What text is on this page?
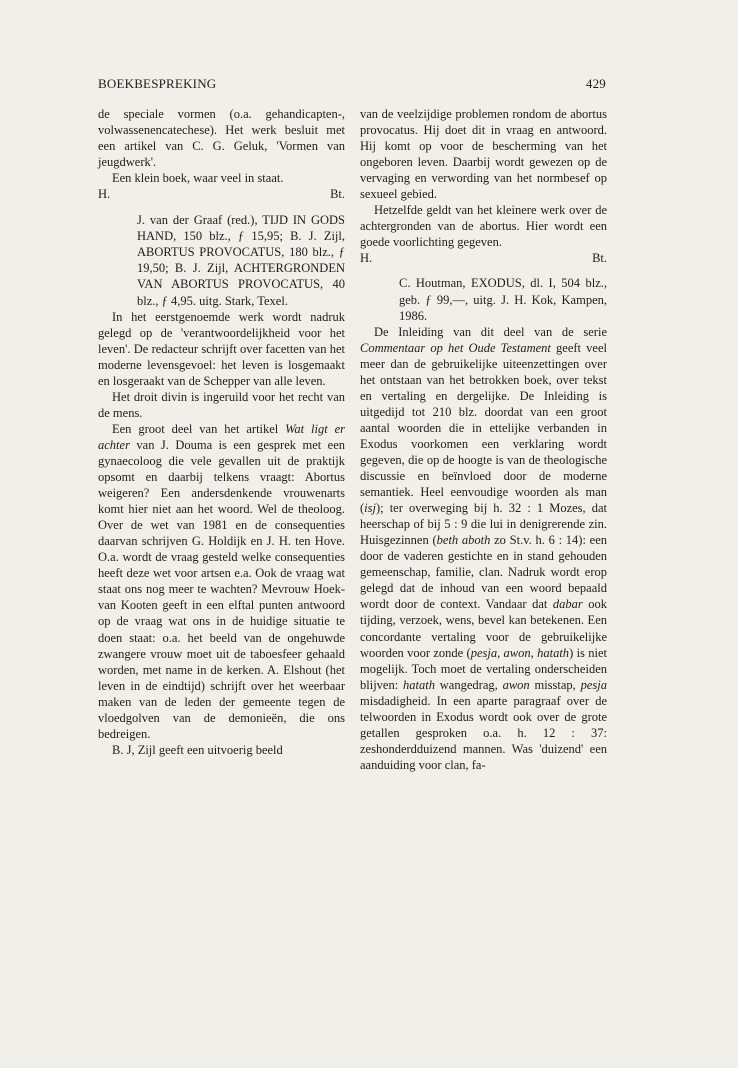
BOEKBESPREKING	429

de speciale vormen (o.a. gehandicapten-, volwassenencatechese). Het werk besluit met een artikel van C. G. Geluk, 'Vormen van jeugdwerk'.

Een klein boek, waar veel in staat.

H.	Bt.
J. van der Graaf (red.), TIJD IN GODS HAND, 150 blz., ƒ 15,95; B. J. Zijl, ABORTUS PROVOCATUS, 180 blz., ƒ 19,50; B. J. Zijl, ACHTERGRONDEN VAN ABORTUS PROVOCATUS, 40 blz., ƒ 4,95. uitg. Stark, Texel.

In het eerstgenoemde werk wordt nadruk gelegd op de 'verantwoordelijkheid voor het leven'. De redacteur schrijft over facetten van het moderne levensgevoel: het leven is losgemaakt en losgeraakt van de Schepper van alle leven.

Het droit divin is ingeruild voor het recht van de mens.

Een groot deel van het artikel Wat ligt er achter van J. Douma is een gesprek met een gynaecoloog die vele gevallen uit de praktijk opsomt en daarbij telkens vraagt: Abortus weigeren? Een andersdenkende vrouwenarts komt hier niet aan het woord. Wel de theoloog. Over de wet van 1981 en de consequenties daarvan schrijven G. Holdijk en J. H. ten Hove. O.a. wordt de vraag gesteld welke consequenties heeft deze wet voor artsen e.a. Ook de vraag wat staat ons nog meer te wachten? Mevrouw Hoek-van Kooten geeft in een elftal punten antwoord op de vraag wat ons in de huidige situatie te doen staat: o.a. het beeld van de ongehuwde zwangere vrouw moet uit de taboesfeer gehaald worden, met name in de kerken. A. Elshout (het leven in de eindtijd) schrijft over het weerbaar maken van de leden der gemeente tegen de vloedgolven van de demonieën, die ons bedreigen.

B. J, Zijl geeft een uitvoerig beeld

van de veelzijdige problemen rondom de abortus provocatus. Hij doet dit in vraag en antwoord. Hij komt op voor de bescherming van het ongeboren leven. Daarbij wordt gewezen op de vervaging en verwording van het normbesef op sexueel gebied.

Hetzelfde geldt van het kleinere werk over de achtergronden van de abortus. Hier wordt een goede voorlichting gegeven.

H.	Bt.
C. Houtman, EXODUS, dl. I, 504 blz., geb. ƒ 99,—, uitg. J. H. Kok, Kampen, 1986.

De Inleiding van dit deel van de serie Commentaar op het Oude Testament geeft veel meer dan de gebruikelijke uiteenzettingen over het ontstaan van het betrokken boek, over tekst en vertaling en dergelijke. De Inleiding is uitgedijd tot 210 blz. doordat van een groot aantal woorden die in ettelijke verbanden in Exodus voorkomen een verklaring wordt gegeven, die op de hoogte is van de theologische discussie en beïnvloed door de moderne semantiek. Heel eenvoudige woorden als man (isj); ter overweging bij h. 32 : 1 Mozes, dat heerschap of bij 5 : 9 die lui in denigrerende zin. Huisgezinnen (beth aboth zo St.v. h. 6 : 14): een door de vaderen gestichte en in stand gehouden gemeenschap, familie, clan. Nadruk wordt erop gelegd dat de inhoud van een woord bepaald wordt door de context. Vandaar dat dabar ook tijding, verzoek, wens, bevel kan betekenen. Een concordante vertaling voor de gebruikelijke woorden voor zonde (pesja, awon, hatath) is niet mogelijk. Toch moet de vertaling onderscheiden blijven: hatath wangedrag, awon misstap, pesja misdadigheid. In een aparte paragraaf over de telwoorden in Exodus wordt ook over de grote getallen gesproken o.a. h. 12 : 37: zeshonderdduizend mannen. Was 'duizend' een aanduiding voor clan, fa-
